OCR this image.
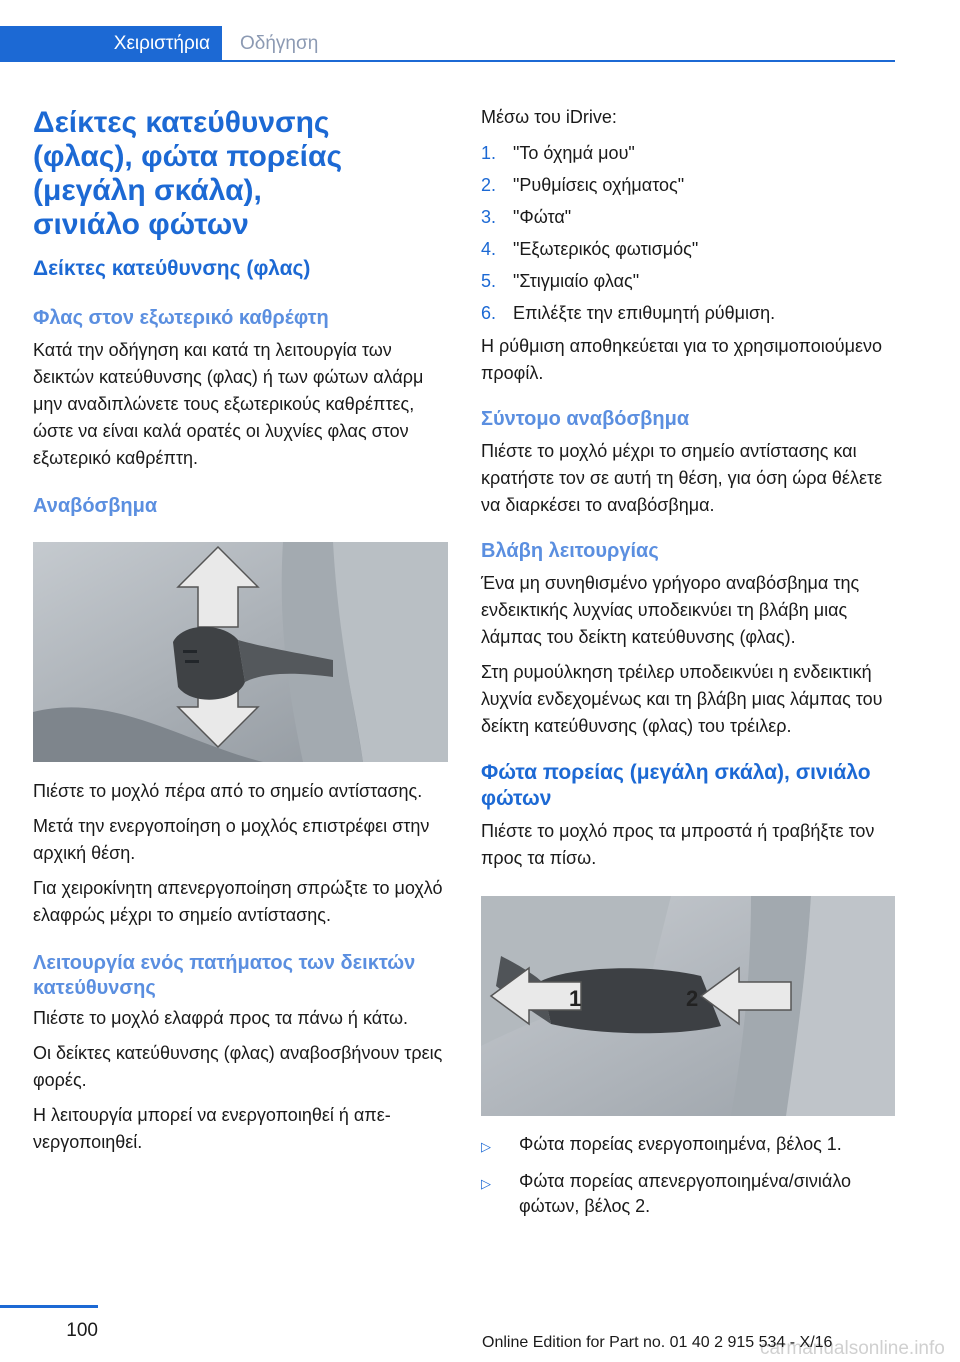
Χειριστήρια	Οδήγηση
Δείκτες κατεύθυνσης (φλας), φώτα πορείας (μεγάλη σκάλα), σινιάλο φώτων
Δείκτες κατεύθυνσης (φλας)
Φλας στον εξωτερικό καθρέφτη

Κατά την οδήγηση και κατά τη λειτουργία των δεικτών κατεύθυνσης (φλας) ή των φώτων αλάρμ μην αναδιπλώνετε τους εξωτερικούς καθρέπτες, ώστε να είναι καλά ορατές οι λυχνίες φλας στον εξωτερικό καθρέπτη.

Αναβόσβημα

Πιέστε το μοχλό πέρα από το σημείο αντίστασης.

Μετά την ενεργοποίηση ο μοχλός επιστρέφει στην αρχική θέση.

Για χειροκίνητη απενεργοποίηση σπρώξτε το μοχλό ελαφρώς μέχρι το σημείο αντίστασης.

Λειτουργία ενός πατήματος των δεικτών κατεύθυνσης

Πιέστε το μοχλό ελαφρά προς τα πάνω ή κάτω.

Οι δείκτες κατεύθυνσης (φλας) αναβοσβήνουν τρεις φορές.

Η λειτουργία μπορεί να ενεργοποιηθεί ή απενεργοποιηθεί.

Μέσω του iDrive:

1. "Το όχημά μου"
2. "Ρυθμίσεις οχήματος"
3. "Φώτα"
4. "Εξωτερικός φωτισμός"
5. "Στιγμιαίο φλας"
6. Επιλέξτε την επιθυμητή ρύθμιση.

Η ρύθμιση αποθηκεύεται για το χρησιμοποιούμενο προφίλ.

Σύντομο αναβόσβημα

Πιέστε το μοχλό μέχρι το σημείο αντίστασης και κρατήστε τον σε αυτή τη θέση, για όση ώρα θέλετε να διαρκέσει το αναβόσβημα.

Βλάβη λειτουργίας

Ένα μη συνηθισμένο γρήγορο αναβόσβημα της ενδεικτικής λυχνίας υποδεικνύει τη βλάβη μιας λάμπας του δείκτη κατεύθυνσης (φλας).

Στη ρυμούλκηση τρέιλερ υποδεικνύει η ενδεικτική λυχνία ενδεχομένως και τη βλάβη μιας λάμπας του δείκτη κατεύθυνσης (φλας) του τρέιλερ.

Φώτα πορείας (μεγάλη σκάλα), σινιάλο φώτων

Πιέστε το μοχλό προς τα μπροστά ή τραβήξτε τον προς τα πίσω.

1	2
▷	Φώτα πορείας ενεργοποιημένα, βέλος 1.
▷	Φώτα πορείας απενεργοποιημένα/σινιάλο φώτων, βέλος 2.
100
carmanualsonline.info
Online Edition for Part no. 01 40 2 915 534 - X/16
